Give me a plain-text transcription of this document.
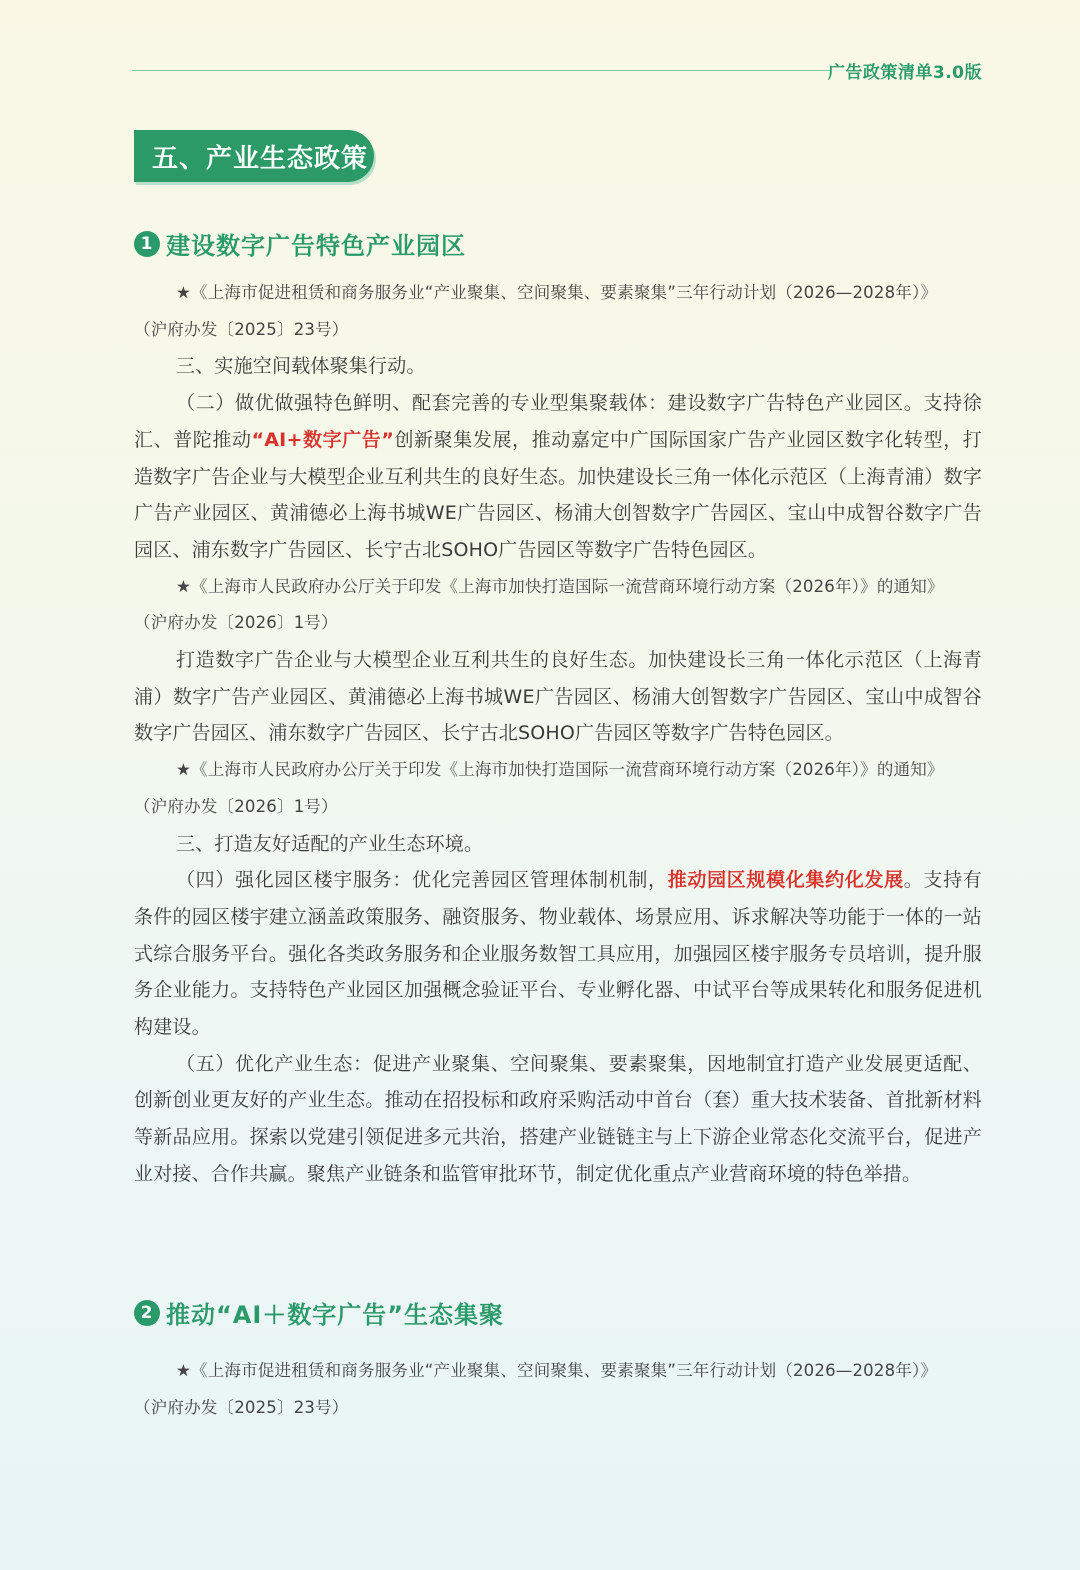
广告政策清单3.0版
五、产业生态政策
1 建设数字广告特色产业园区

★《上海市促进租赁和商务服务业“产业聚集、空间聚集、要素聚集”三年行动计划（2026—2028年）》

（沪府办发〔2025〕23号）

三、实施空间载体聚集行动。

（二）做优做强特色鲜明、配套完善的专业型集聚载体：建设数字广告特色产业园区。支持徐汇、普陀推动“AI+数字广告”创新聚集发展，推动嘉定中广国际国家广告产业园区数字化转型，打造数字广告企业与大模型企业互利共生的良好生态。加快建设长三角一体化示范区（上海青浦）数字广告产业园区、黄浦德必上海书城WE广告园区、杨浦大创智数字广告园区、宝山中成智谷数字广告园区、浦东数字广告园区、长宁古北SOHO广告园区等数字广告特色园区。

★《上海市人民政府办公厅关于印发《上海市加快打造国际一流营商环境行动方案（2026年）》的通知》

（沪府办发〔2026〕1号）

打造数字广告企业与大模型企业互利共生的良好生态。加快建设长三角一体化示范区（上海青浦）数字广告产业园区、黄浦德必上海书城WE广告园区、杨浦大创智数字广告园区、宝山中成智谷数字广告园区、浦东数字广告园区、长宁古北SOHO广告园区等数字广告特色园区。

★《上海市人民政府办公厅关于印发《上海市加快打造国际一流营商环境行动方案（2026年）》的通知》

（沪府办发〔2026〕1号）

三、打造友好适配的产业生态环境。

（四）强化园区楼宇服务：优化完善园区管理体制机制，推动园区规模化集约化发展。支持有条件的园区楼宇建立涵盖政策服务、融资服务、物业载体、场景应用、诉求解决等功能于一体的一站式综合服务平台。强化各类政务服务和企业服务数智工具应用，加强园区楼宇服务专员培训，提升服务企业能力。支持特色产业园区加强概念验证平台、专业孵化器、中试平台等成果转化和服务促进机构建设。

（五）优化产业生态：促进产业聚集、空间聚集、要素聚集，因地制宜打造产业发展更适配、创新创业更友好的产业生态。推动在招投标和政府采购活动中首台（套）重大技术装备、首批新材料等新品应用。探索以党建引领促进多元共治，搭建产业链链主与上下游企业常态化交流平台，促进产业对接、合作共赢。聚焦产业链条和监管审批环节，制定优化重点产业营商环境的特色举措。

2 推动“AI＋数字广告”生态集聚

★《上海市促进租赁和商务服务业“产业聚集、空间聚集、要素聚集”三年行动计划（2026—2028年）》

（沪府办发〔2025〕23号）
